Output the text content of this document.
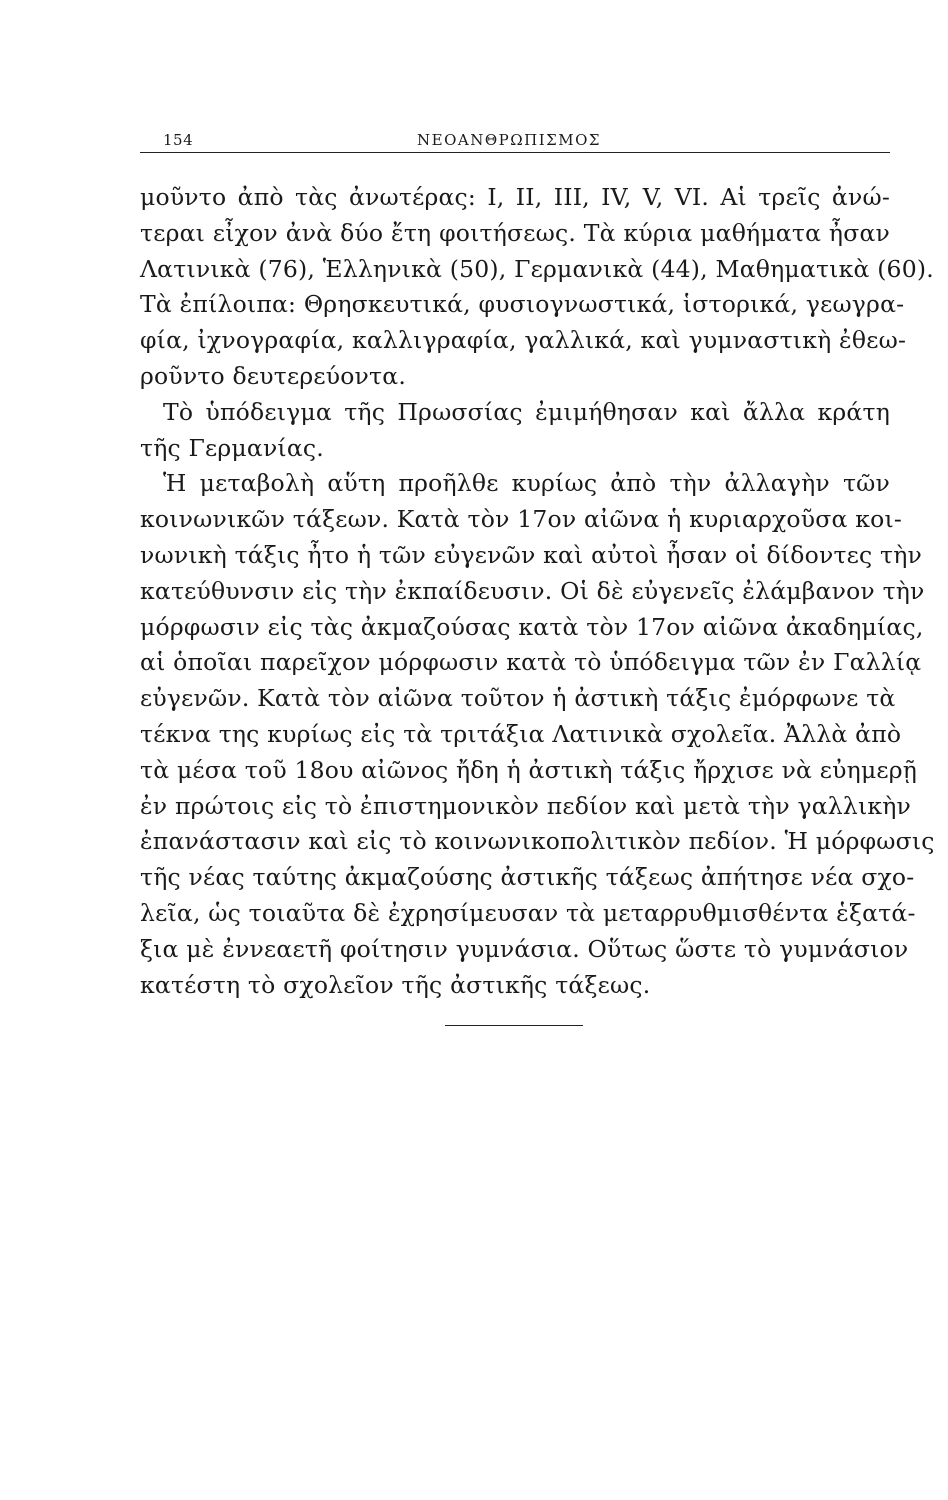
154	ΝΕΟΑΝΘΡΩΠΙΣΜΟΣ
μοῦντο ἀπὸ τὰς ἀνωτέρας: Ι, ΙΙ, ΙΙΙ, IV, V, VI. Αἱ τρεῖς ἀνώ-
τεραι εἶχον ἀνὰ δύο ἔτη φοιτήσεως. Τὰ κύρια μαθήματα ἦσαν
Λατινικὰ (76), Ἑλληνικὰ (50), Γερμανικὰ (44), Μαθηματικὰ (60).
Τὰ ἐπίλοιπα: Θρησκευτικά, φυσιογνωστικά, ἱστορικά, γεωγρα-
φία, ἰχνογραφία, καλλιγραφία, γαλλικά, καὶ γυμναστικὴ ἐθεω-
ροῦντο δευτερεύοντα.
Τὸ ὑπόδειγμα τῆς Πρωσσίας ἐμιμήθησαν καὶ ἄλλα κράτη
τῆς Γερμανίας.
Ἡ μεταβολὴ αὕτη προῆλθε κυρίως ἀπὸ τὴν ἀλλαγὴν τῶν
κοινωνικῶν τάξεων. Κατὰ τὸν 17ον αἰῶνα ἡ κυριαρχοῦσα κοι-
νωνικὴ τάξις ἦτο ἡ τῶν εὐγενῶν καὶ αὐτοὶ ἦσαν οἱ δίδοντες τὴν
κατεύθυνσιν εἰς τὴν ἐκπαίδευσιν. Οἱ δὲ εὐγενεῖς ἐλάμβανον τὴν
μόρφωσιν εἰς τὰς ἀκμαζούσας κατὰ τὸν 17ον αἰῶνα ἀκαδημίας,
αἱ ὁποῖαι παρεῖχον μόρφωσιν κατὰ τὸ ὑπόδειγμα τῶν ἐν Γαλλίᾳ
εὐγενῶν. Κατὰ τὸν αἰῶνα τοῦτον ἡ ἀστικὴ τάξις ἐμόρφωνε τὰ
τέκνα της κυρίως εἰς τὰ τριτάξια Λατινικὰ σχολεῖα. Ἀλλὰ ἀπὸ
τὰ μέσα τοῦ 18ου αἰῶνος ἤδη ἡ ἀστικὴ τάξις ἤρχισε νὰ εὐημερῇ
ἐν πρώτοις εἰς τὸ ἐπιστημονικὸν πεδίον καὶ μετὰ τὴν γαλλικὴν
ἐπανάστασιν καὶ εἰς τὸ κοινωνικοπολιτικὸν πεδίον. Ἡ μόρφωσις
τῆς νέας ταύτης ἀκμαζούσης ἀστικῆς τάξεως ἀπήτησε νέα σχο-
λεῖα, ὡς τοιαῦτα δὲ ἐχρησίμευσαν τὰ μεταρρυθμισθέντα ἑξατά-
ξια μὲ ἐννεαετῆ φοίτησιν γυμνάσια. Οὕτως ὥστε τὸ γυμνάσιον
κατέστη τὸ σχολεῖον τῆς ἀστικῆς τάξεως.
